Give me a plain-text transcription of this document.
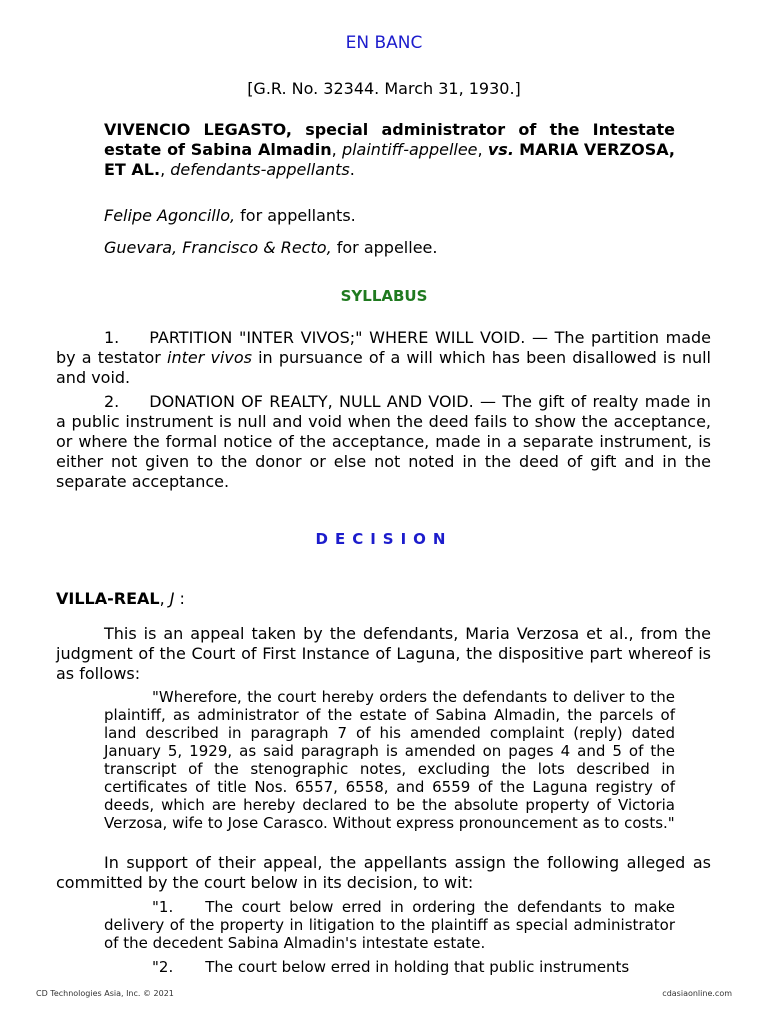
EN BANC
[G.R. No. 32344. March 31, 1930.]
VIVENCIO LEGASTO, special administrator of the Intestate estate of Sabina Almadin, plaintiff-appellee, vs. MARIA VERZOSA, ET AL., defendants-appellants.
Felipe Agoncillo, for appellants.
Guevara, Francisco & Recto, for appellee.
SYLLABUS
1. PARTITION "INTER VIVOS;" WHERE WILL VOID. — The partition made by a testator inter vivos in pursuance of a will which has been disallowed is null and void.
2. DONATION OF REALTY, NULL AND VOID. — The gift of realty made in a public instrument is null and void when the deed fails to show the acceptance, or where the formal notice of the acceptance, made in a separate instrument, is either not given to the donor or else not noted in the deed of gift and in the separate acceptance.
DECISION
VILLA-REAL, J :
This is an appeal taken by the defendants, Maria Verzosa et al., from the judgment of the Court of First Instance of Laguna, the dispositive part whereof is as follows:
"Wherefore, the court hereby orders the defendants to deliver to the plaintiff, as administrator of the estate of Sabina Almadin, the parcels of land described in paragraph 7 of his amended complaint (reply) dated January 5, 1929, as said paragraph is amended on pages 4 and 5 of the transcript of the stenographic notes, excluding the lots described in certificates of title Nos. 6557, 6558, and 6559 of the Laguna registry of deeds, which are hereby declared to be the absolute property of Victoria Verzosa, wife to Jose Carasco. Without express pronouncement as to costs."
In support of their appeal, the appellants assign the following alleged as committed by the court below in its decision, to wit:
"1. The court below erred in ordering the defendants to make delivery of the property in litigation to the plaintiff as special administrator of the decedent Sabina Almadin's intestate estate.
"2. The court below erred in holding that public instruments
CD Technologies Asia, Inc. © 2021	cdasiaonline.com
